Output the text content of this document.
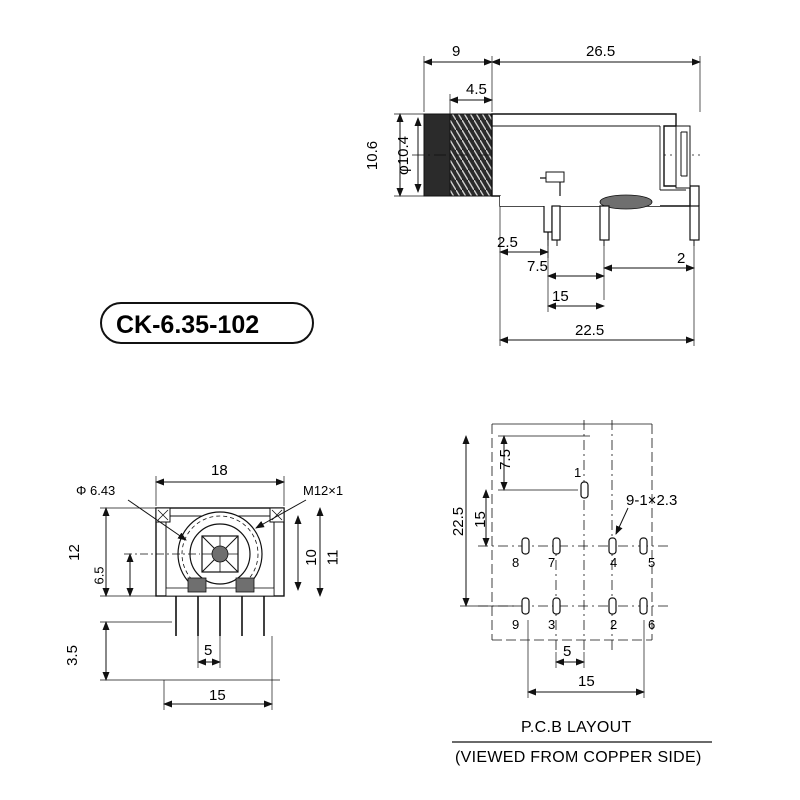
CK-6.35-102
9	26.5
4.5
10.6 φ10.4
2.5
7.5	2
15
22.5
Φ 6.43
18
M12×1
12
6.5
10 11
3.5	5
15
7.5
15
22.5
9-1×2.3
5
15
1
8 7	4 5
9 3	2 6
P.C.B LAYOUT
(VIEWED FROM COPPER SIDE)
